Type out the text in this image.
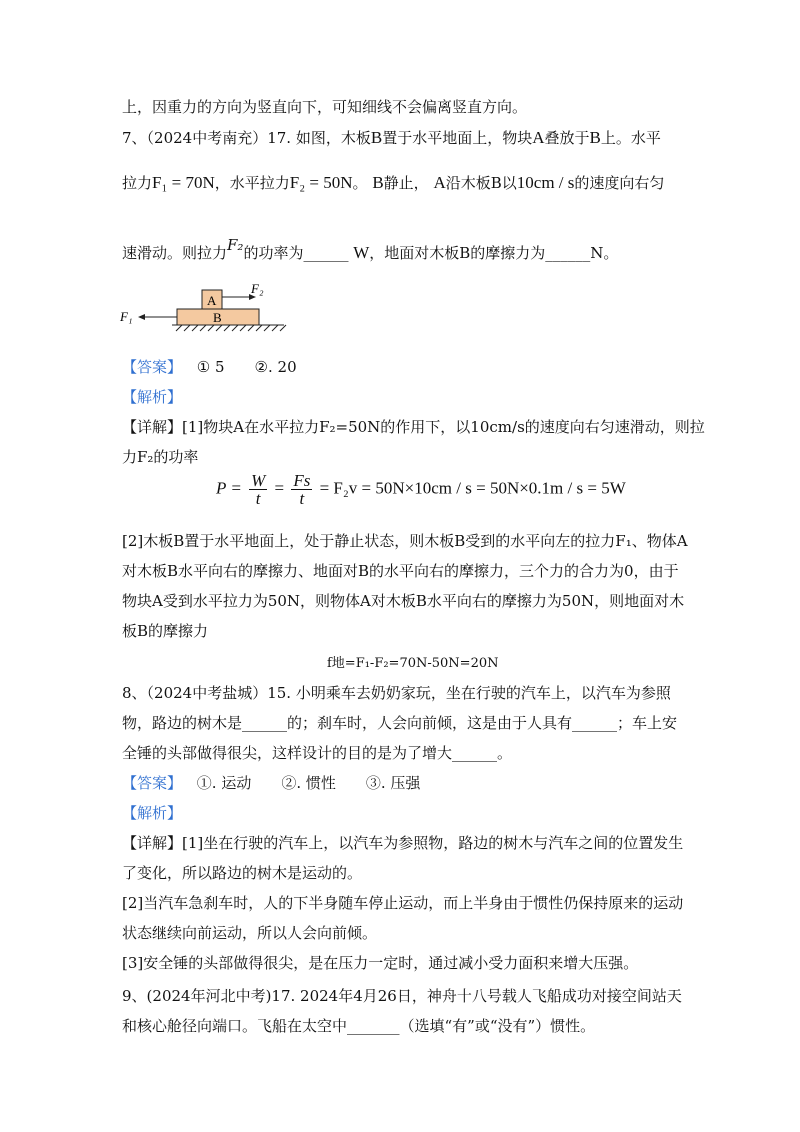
上，因重力的方向为竖直向下，可知细线不会偏离竖直方向。
7、（2024中考南充）17. 如图，木板B置于水平地面上，物块A叠放于B上。水平
拉力F₁ = 70N，水平拉力F₂ = 50N。 B静止， A沿木板B以10cm / s的速度向右匀
速滑动。则拉力F₂的功率为______ W，地面对木板B的摩擦力为______N。
A
B
F₂
F₁
【答案】 ① 5　　②. 20
【解析】
【详解】[1]物块A在水平拉力F₂=50N的作用下，以10cm/s的速度向右匀速滑动，则拉
力F₂的功率
$P = \frac{W}{t} = \frac{Fs}{t} = F_2v = 50N\times 10cm / s = 50N\times 0.1m / s = 5W$
[2]木板B置于水平地面上，处于静止状态，则木板B受到的水平向左的拉力F₁、物体A
对木板B水平向右的摩擦力、地面对B的水平向右的摩擦力，三个力的合力为0，由于
物块A受到水平拉力为50N，则物体A对木板B水平向右的摩擦力为50N，则地面对木
板B的摩擦力
f地=F₁-F₂=70N-50N=20N
8、（2024中考盐城）15. 小明乘车去奶奶家玩，坐在行驶的汽车上，以汽车为参照
物，路边的树木是______的；刹车时，人会向前倾，这是由于人具有______；车上安
全锤的头部做得很尖，这样设计的目的是为了增大______。
【答案】 ①. 运动　　②. 惯性　　③. 压强
【解析】
【详解】[1]坐在行驶的汽车上，以汽车为参照物，路边的树木与汽车之间的位置发生
了变化，所以路边的树木是运动的。
[2]当汽车急刹车时，人的下半身随车停止运动，而上半身由于惯性仍保持原来的运动
状态继续向前运动，所以人会向前倾。
[3]安全锤的头部做得很尖，是在压力一定时，通过减小受力面积来增大压强。
9、(2024年河北中考)17. 2024年4月26日，神舟十八号载人飞船成功对接空间站天
和核心舱径向端口。飞船在太空中_______（选填“有”或“没有”）惯性。
